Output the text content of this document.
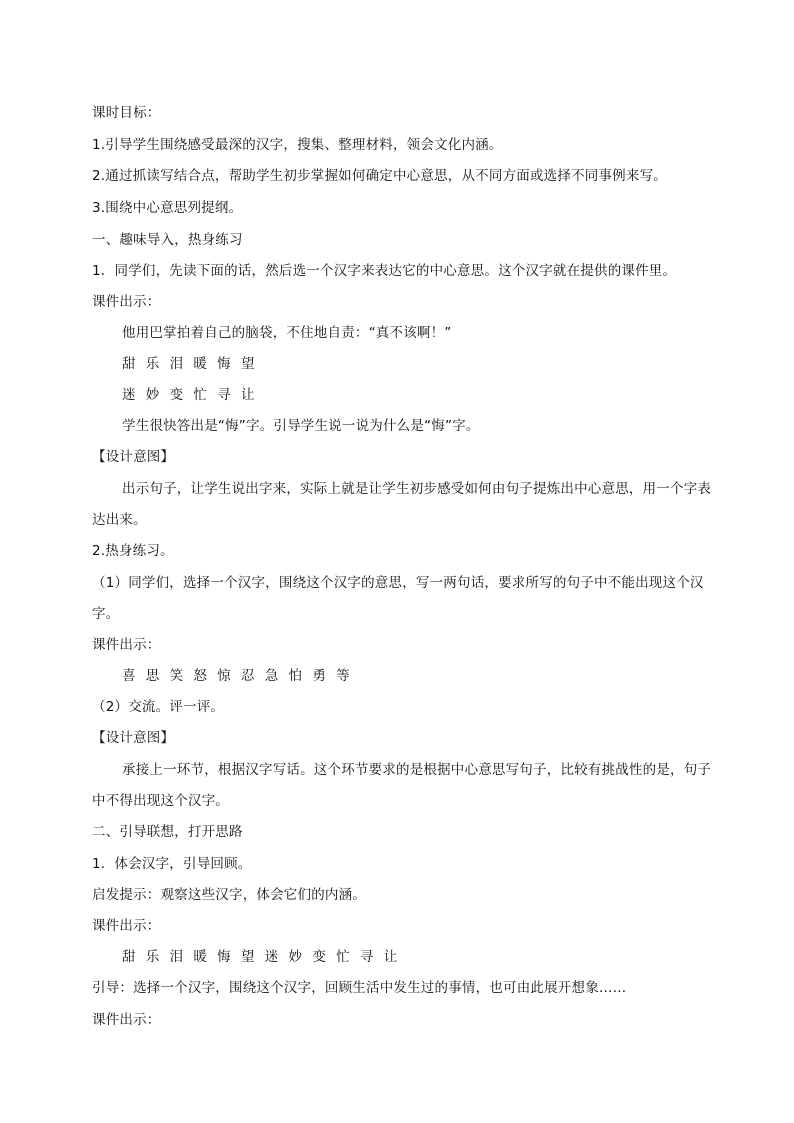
课时目标：
1.引导学生围绕感受最深的汉字，搜集、整理材料，领会文化内涵。
2.通过抓读写结合点，帮助学生初步掌握如何确定中心意思，从不同方面或选择不同事例来写。
3.围绕中心意思列提纲。
一、趣味导入，热身练习
1．同学们，先读下面的话，然后选一个汉字来表达它的中心意思。这个汉字就在提供的课件里。
课件出示：
他用巴掌拍着自己的脑袋，不住地自责：“真不该啊！”
甜 乐 泪 暖 悔 望
迷 妙 变 忙 寻 让
学生很快答出是“悔”字。引导学生说一说为什么是“悔”字。
【设计意图】
出示句子，让学生说出字来，实际上就是让学生初步感受如何由句子提炼出中心意思，用一个字表
达出来。
2.热身练习。
（1）同学们，选择一个汉字，围绕这个汉字的意思，写一两句话，要求所写的句子中不能出现这个汉
字。
课件出示：
喜 思 笑 怒 惊 忍 急 怕 勇 等
（2）交流。评一评。
【设计意图】
承接上一环节，根据汉字写话。这个环节要求的是根据中心意思写句子，比较有挑战性的是，句子
中不得出现这个汉字。
二、引导联想，打开思路
1．体会汉字，引导回顾。
启发提示：观察这些汉字，体会它们的内涵。
课件出示：
甜 乐 泪 暖 悔 望 迷 妙 变 忙 寻 让
引导：选择一个汉字，围绕这个汉字，回顾生活中发生过的事情，也可由此展开想象……
课件出示：
